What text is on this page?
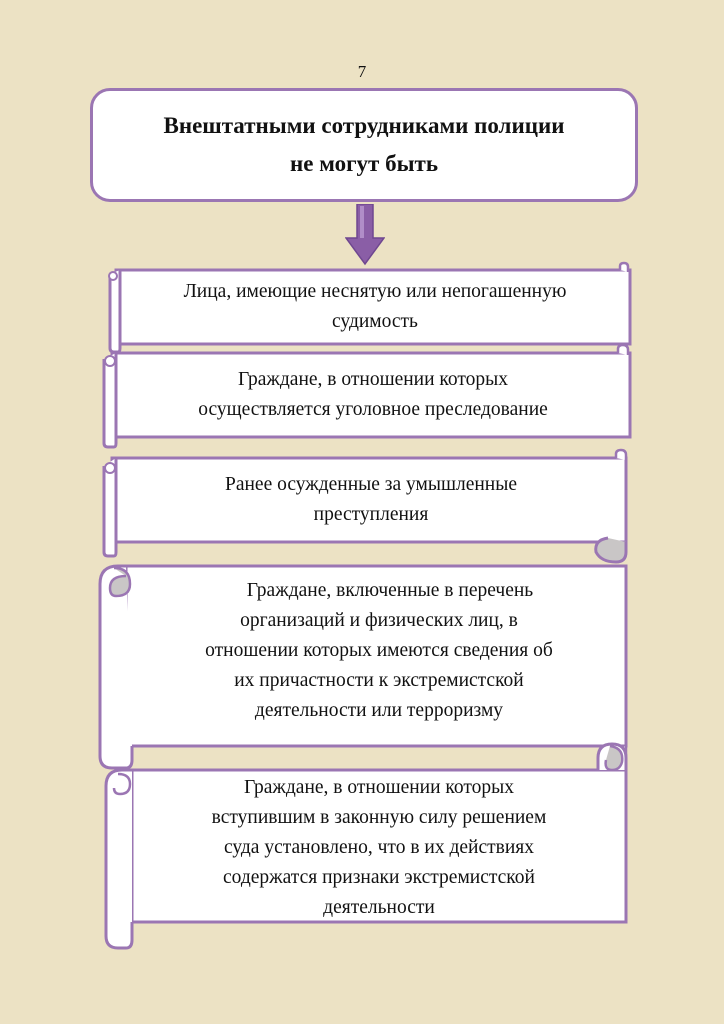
7
Внештатными сотрудниками полиции
не могут быть
Лица, имеющие неснятую или непогашенную
судимость
Граждане, в отношении которых
осуществляется уголовное преследование
Ранее осужденные за умышленные
преступления
Граждане, включенные в перечень
организаций и физических лиц, в
отношении которых имеются сведения об
их причастности к экстремистской
деятельности или терроризму
Граждане, в отношении которых
вступившим в законную силу решением
суда установлено, что в их действиях
содержатся признаки экстремистской
деятельности
